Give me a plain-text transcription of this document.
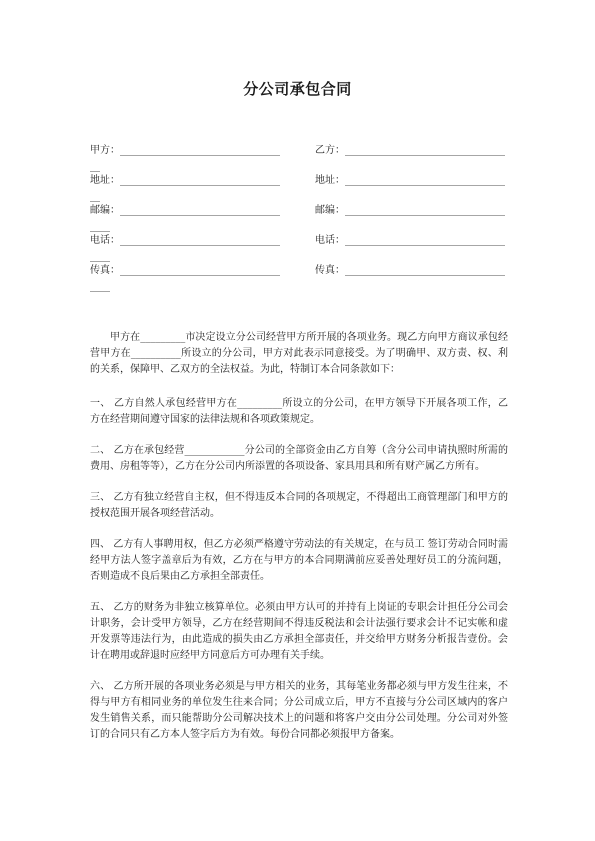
分公司承包合同
甲方：________________________________	乙方：________________________________
__
地址：________________________________	地址：________________________________
__
邮编：________________________________	邮编：________________________________
____
电话：________________________________	电话：________________________________
____
传真：________________________________	传真：________________________________
____

甲方在_________市决定设立分公司经营甲方所开展的各项业务。现乙方向甲方商议承包经营甲方在__________所设立的分公司，甲方对此表示同意接受。为了明确甲、双方责、权、利的关系，保障甲、乙双方的全法权益。为此，特制订本合同条款如下：

一、 乙方自然人承包经营甲方在_________所设立的分公司，在甲方领导下开展各项工作，乙方在经营期间遵守国家的法律法规和各项政策规定。

二、 乙方在承包经营____________分公司的全部资金由乙方自筹（含分公司申请执照时所需的费用、房租等等），乙方在分公司内所添置的各项设备、家具用具和所有财产属乙方所有。

三、 乙方有独立经营自主权，但不得违反本合同的各项规定，不得超出工商管理部门和甲方的授权范围开展各项经营活动。

四、 乙方有人事聘用权，但乙方必须严格遵守劳动法的有关规定，在与员工 签订劳动合同时需经甲方法人签字盖章后为有效，乙方在与甲方的本合同期满前应妥善处理好员工的分流问题，否则造成不良后果由乙方承担全部责任。

五、 乙方的财务为非独立核算单位。必须由甲方认可的并持有上岗证的专职会计担任分公司会计职务，会计受甲方领导，乙方在经营期间不得违反税法和会计法强行要求会计不记实帐和虚开发票等违法行为，由此造成的损失由乙方承担全部责任，并交给甲方财务分析报告壹份。会计在聘用或辞退时应经甲方同意后方可办理有关手续。

六、 乙方所开展的各项业务必须是与甲方相关的业务，其每笔业务都必须与甲方发生往来，不得与甲方有相同业务的单位发生往来合同；分公司成立后，甲方不直接与分公司区域内的客户发生销售关系，而只能帮助分公司解决技术上的问题和将客户交由分公司处理。分公司对外签订的合同只有乙方本人签字后方为有效。每份合同都必须报甲方备案。
